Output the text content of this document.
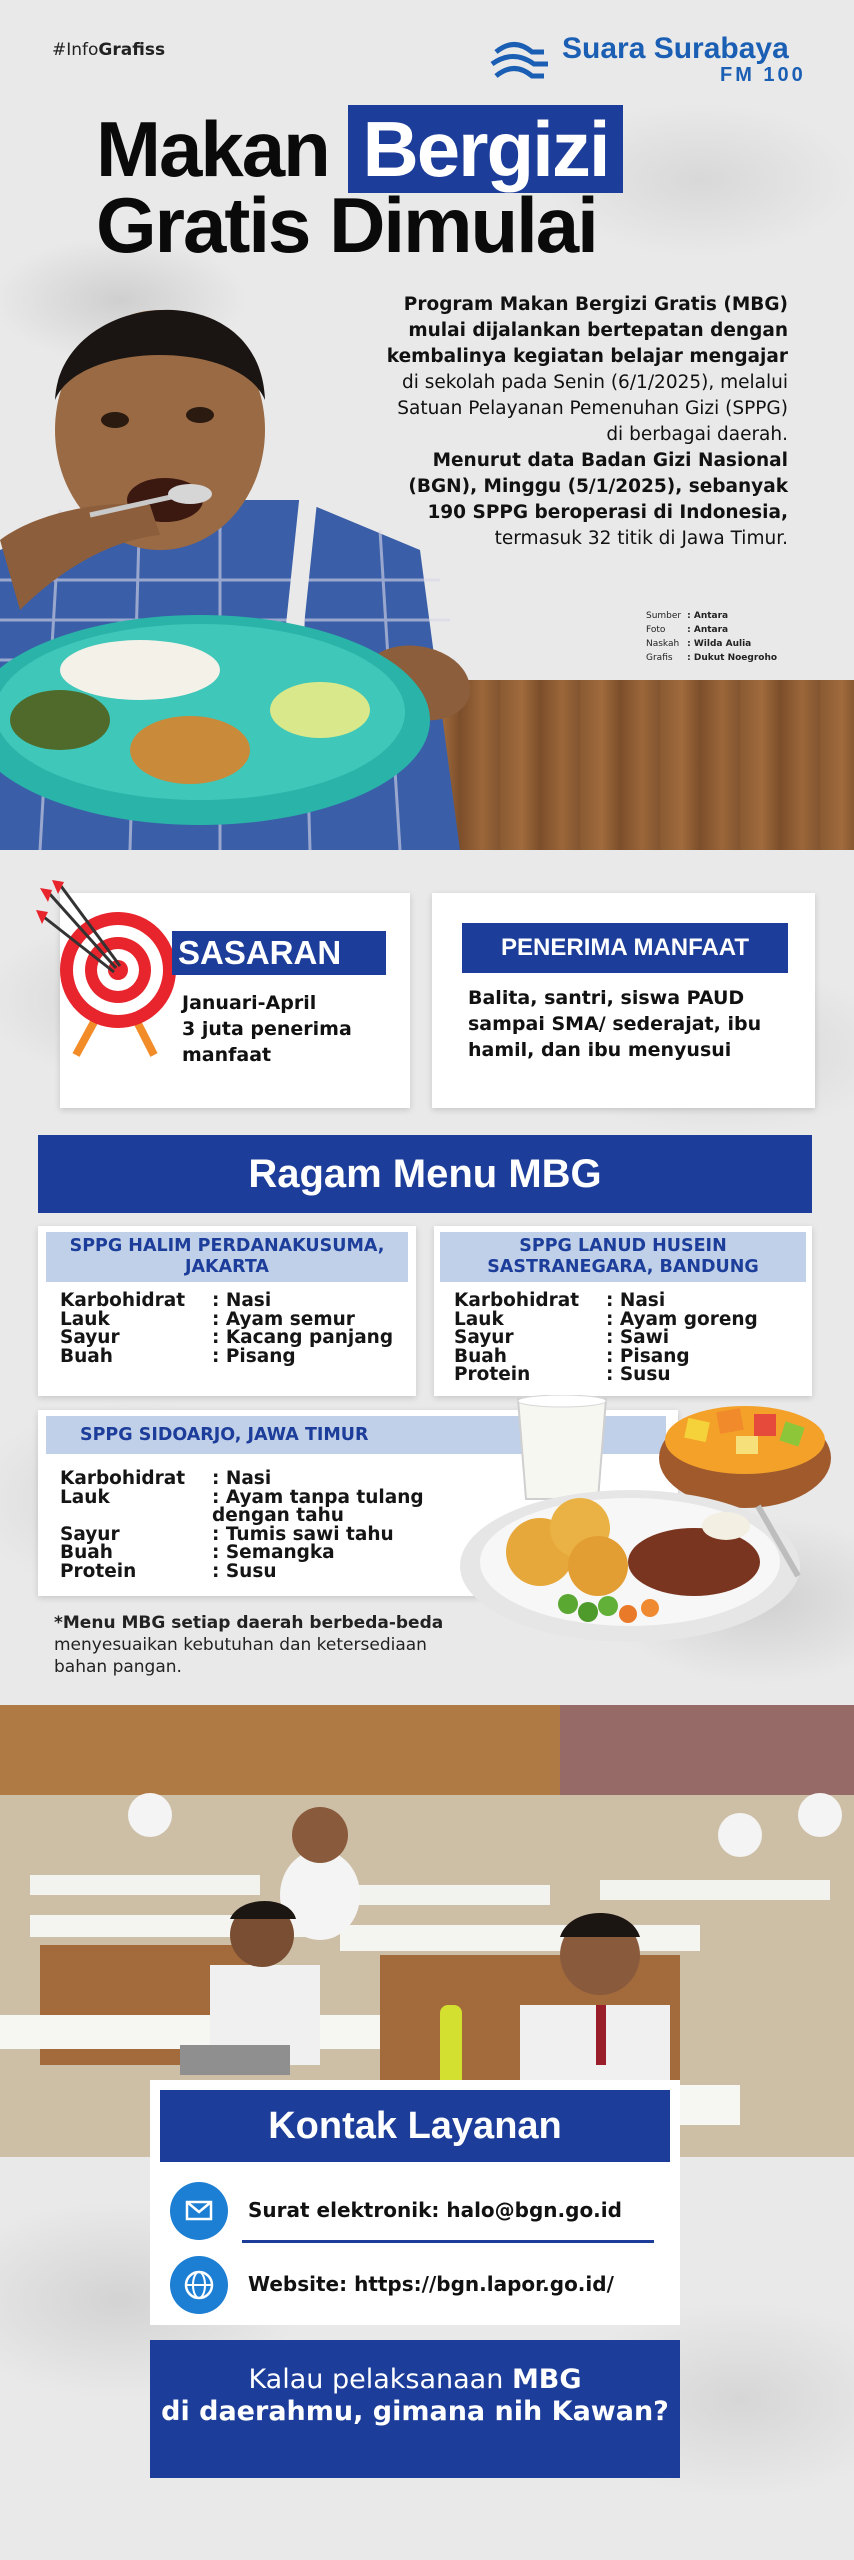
#InfoGrafiss	Suara Surabaya
FM 100
Makan Bergizi
Gratis Dimulai

Program Makan Bergizi Gratis (MBG) mulai dijalankan bertepatan dengan kembalinya kegiatan belajar mengajar di sekolah pada Senin (6/1/2025), melalui Satuan Pelayanan Pemenuhan Gizi (SPPG) di berbagai daerah.

Menurut data Badan Gizi Nasional (BGN), Minggu (5/1/2025), sebanyak 190 SPPG beroperasi di Indonesia, termasuk 32 titik di Jawa Timur.

Sumber	: Antara
Foto	: Antara
Naskah	: Wilda Aulia
Grafis	: Dukut Noegroho
SASARAN
Januari-April
3 juta penerima manfaat
PENERIMA MANFAAT
Balita, santri, siswa PAUD sampai SMA/ sederajat, ibu hamil, dan ibu menyusui
Ragam Menu MBG
SPPG HALIM PERDANAKUSUMA, JAKARTA
SPPG LANUD HUSEIN SASTRANEGARA, BANDUNG
SPPG SIDOARJO, JAWA TIMUR
Karbohidrat	: Nasi
Lauk	: Ayam semur
Sayur	: Kacang panjang
Buah	: Pisang
Karbohidrat	: Nasi
Lauk	: Ayam goreng
Sayur	: Sawi
Buah	: Pisang
Protein	: Susu
Karbohidrat	: Nasi
Lauk	: Ayam tanpa tulang dengan tahu
Sayur	: Tumis sawi tahu
Buah	: Semangka
Protein	: Susu
*Menu MBG setiap daerah berbeda-beda
menyesuaikan kebutuhan dan ketersediaan bahan pangan.
Kontak Layanan
Surat elektronik: halo@bgn.go.id
Website: https://bgn.lapor.go.id/
Kalau pelaksanaan MBG
di daerahmu, gimana nih Kawan?
